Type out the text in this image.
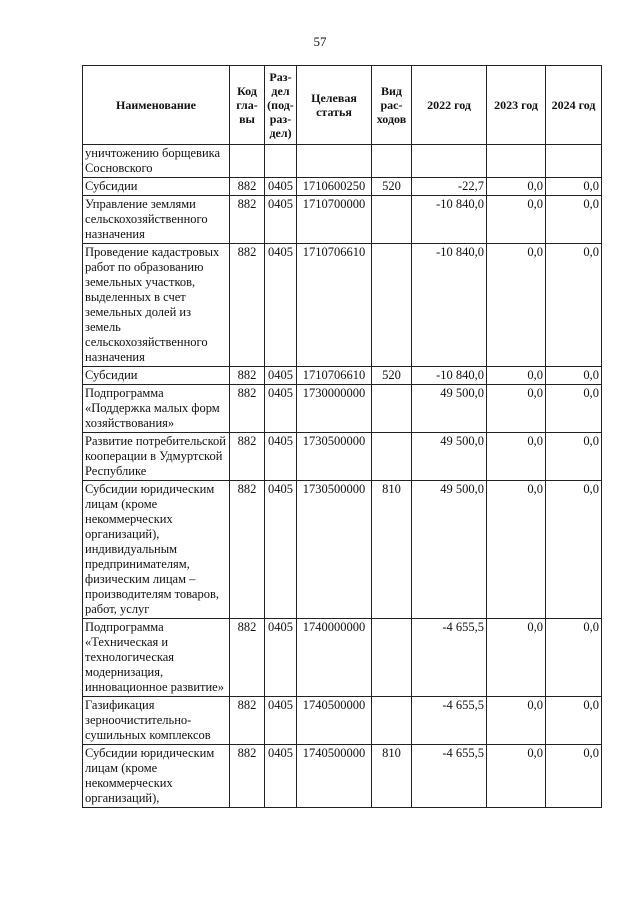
57
Наименование	Код гла-вы	Раз-дел (под-раз-дел)	Целевая статья	Вид рас-ходов	2022 год	2023 год	2024 год
уничтожению борщевика Сосновского							
Субсидии	882	0405	1710600250	520	-22,7	0,0	0,0
Управление землями сельскохозяйственного назначения	882	0405	1710700000		-10 840,0	0,0	0,0
Проведение кадастровых работ по образованию земельных участков, выделенных в счет земельных долей из земель сельскохозяйственного назначения	882	0405	1710706610		-10 840,0	0,0	0,0
Субсидии	882	0405	1710706610	520	-10 840,0	0,0	0,0
Подпрограмма «Поддержка малых форм хозяйствования»	882	0405	1730000000		49 500,0	0,0	0,0
Развитие потребительской кооперации в Удмуртской Республике	882	0405	1730500000		49 500,0	0,0	0,0
Субсидии юридическим лицам (кроме некоммерческих организаций), индивидуальным предпринимателям, физическим лицам – производителям товаров, работ, услуг	882	0405	1730500000	810	49 500,0	0,0	0,0
Подпрограмма «Техническая и технологическая модернизация, инновационное развитие»	882	0405	1740000000		-4 655,5	0,0	0,0
Газификация зерноочистительно-сушильных комплексов	882	0405	1740500000		-4 655,5	0,0	0,0
Субсидии юридическим лицам (кроме некоммерческих организаций),	882	0405	1740500000	810	-4 655,5	0,0	0,0
